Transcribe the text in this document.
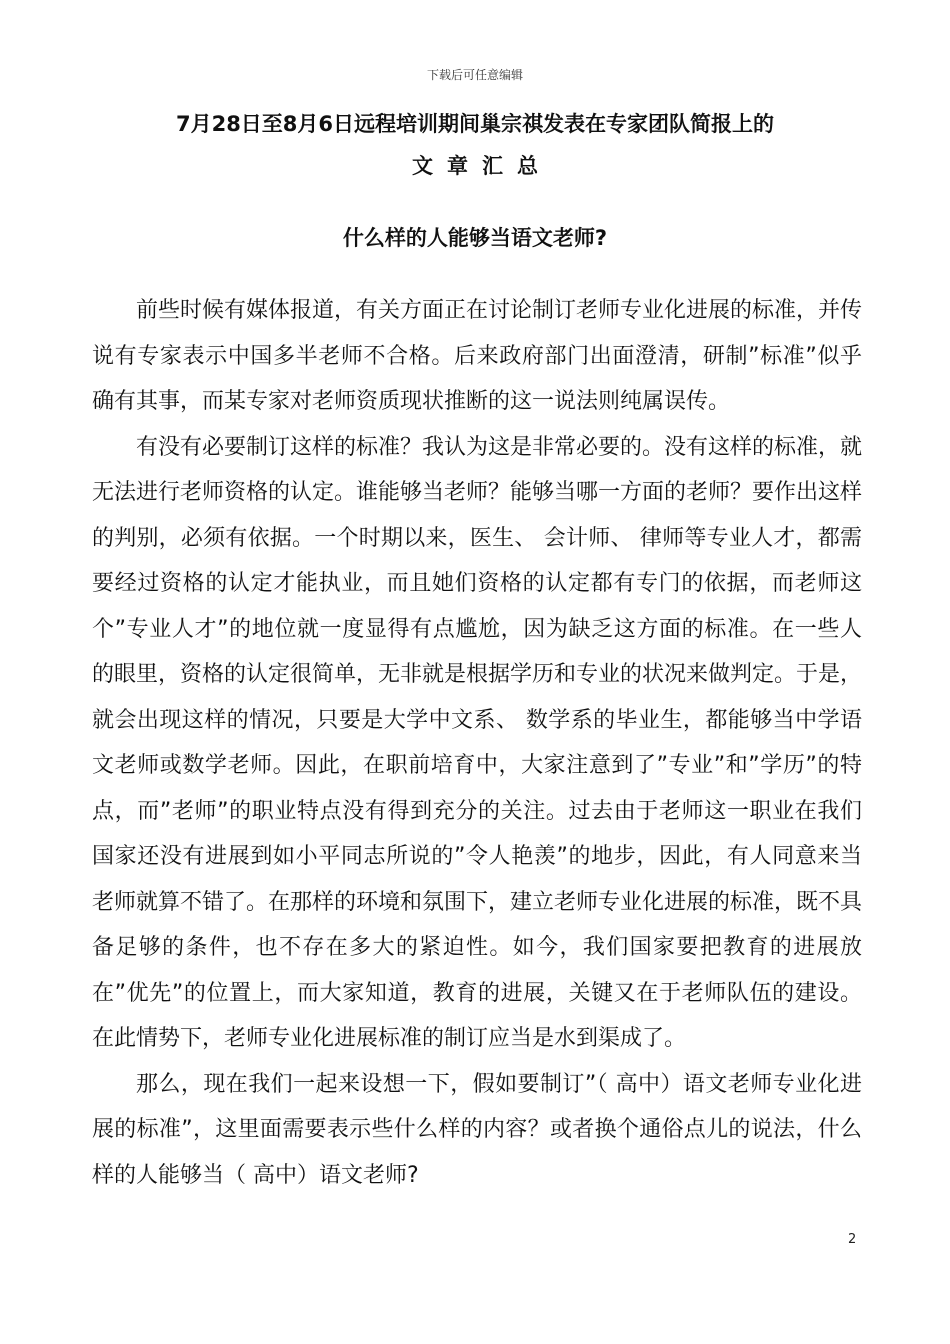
下载后可任意编辑
7月28日至8月6日远程培训期间巢宗祺发表在专家团队简报上的
文章汇总
什么样的人能够当语文老师?

前些时候有媒体报道，有关方面正在讨论制订老师专业化进展的标准，并传说有专家表示中国多半老师不合格。后来政府部门出面澄清，研制”标准”似乎确有其事，而某专家对老师资质现状推断的这一说法则纯属误传。

有没有必要制订这样的标准？我认为这是非常必要的。没有这样的标准，就无法进行老师资格的认定。谁能够当老师？能够当哪一方面的老师？要作出这样的判别，必须有依据。一个时期以来，医生、 会计师、 律师等专业人才，都需要经过资格的认定才能执业，而且她们资格的认定都有专门的依据，而老师这个”专业人才”的地位就一度显得有点尴尬，因为缺乏这方面的标准。在一些人的眼里，资格的认定很简单，无非就是根据学历和专业的状况来做判定。于是，就会出现这样的情况，只要是大学中文系、 数学系的毕业生，都能够当中学语文老师或数学老师。因此，在职前培育中，大家注意到了”专业”和”学历”的特点，而”老师”的职业特点没有得到充分的关注。过去由于老师这一职业在我们国家还没有进展到如小平同志所说的”令人艳羡”的地步，因此，有人同意来当老师就算不错了。在那样的环境和氛围下，建立老师专业化进展的标准，既不具备足够的条件，也不存在多大的紧迫性。如今，我们国家要把教育的进展放在”优先”的位置上，而大家知道，教育的进展，关键又在于老师队伍的建设。在此情势下，老师专业化进展标准的制订应当是水到渠成了。

那么，现在我们一起来设想一下，假如要制订”（ 高中）语文老师专业化进展的标准”，这里面需要表示些什么样的内容？或者换个通俗点儿的说法，什么样的人能够当（ 高中）语文老师?

2
